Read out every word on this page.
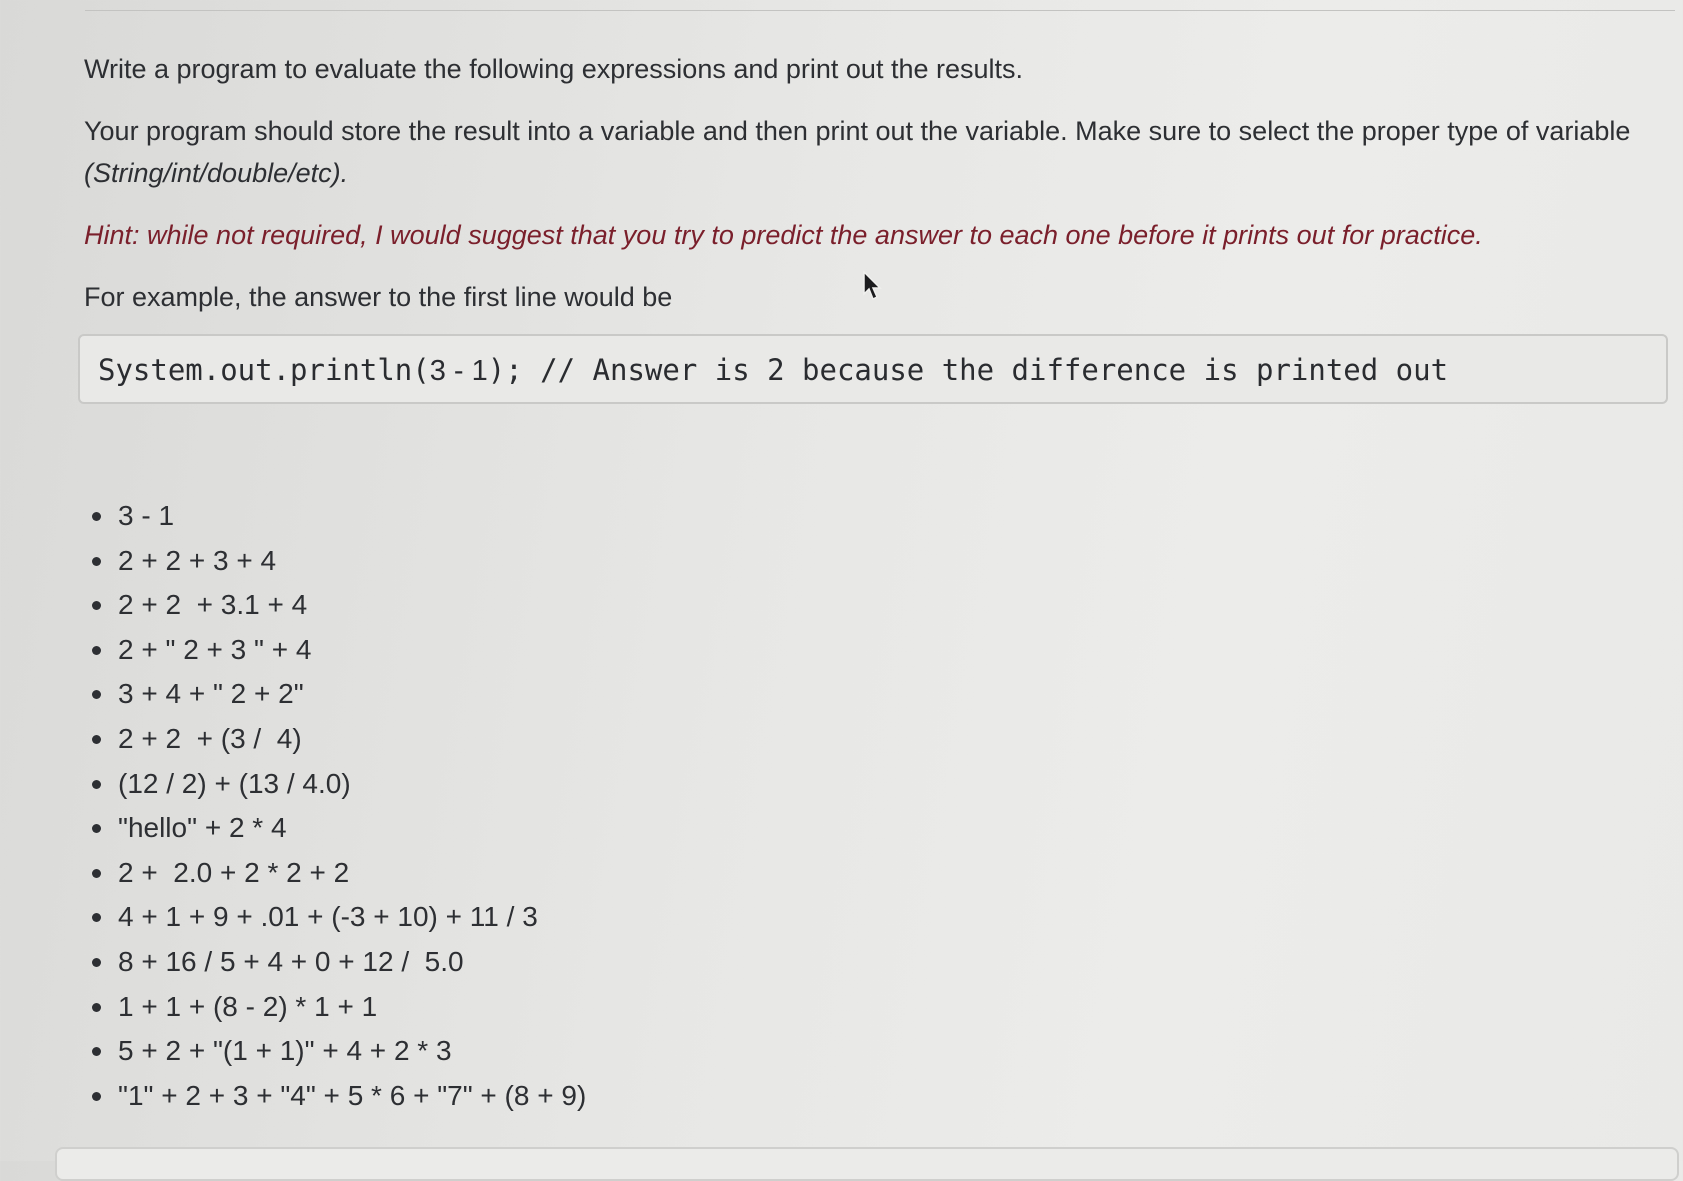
Write a program to evaluate the following expressions and print out the results.

Your program should store the result into a variable and then print out the variable. Make sure to select the proper type of variable (String/int/double/etc).

Hint: while not required, I would suggest that you try to predict the answer to each one before it prints out for practice.

For example, the answer to the first line would be

System.out.println(3 - 1); // Answer is 2 because the difference is printed out
3 - 1
2 + 2 + 3 + 4
2 + 2  + 3.1 + 4
2 + " 2 + 3 " + 4
3 + 4 + " 2 + 2"
2 + 2  + (3 /  4)
(12 / 2) + (13 / 4.0)
"hello" + 2 * 4
2 +  2.0 + 2 * 2 + 2
4 + 1 + 9 + .01 + (-3 + 10) + 11 / 3
8 + 16 / 5 + 4 + 0 + 12 /  5.0
1 + 1 + (8 - 2) * 1 + 1
5 + 2 + "(1 + 1)" + 4 + 2 * 3
"1" + 2 + 3 + "4" + 5 * 6 + "7" + (8 + 9)
